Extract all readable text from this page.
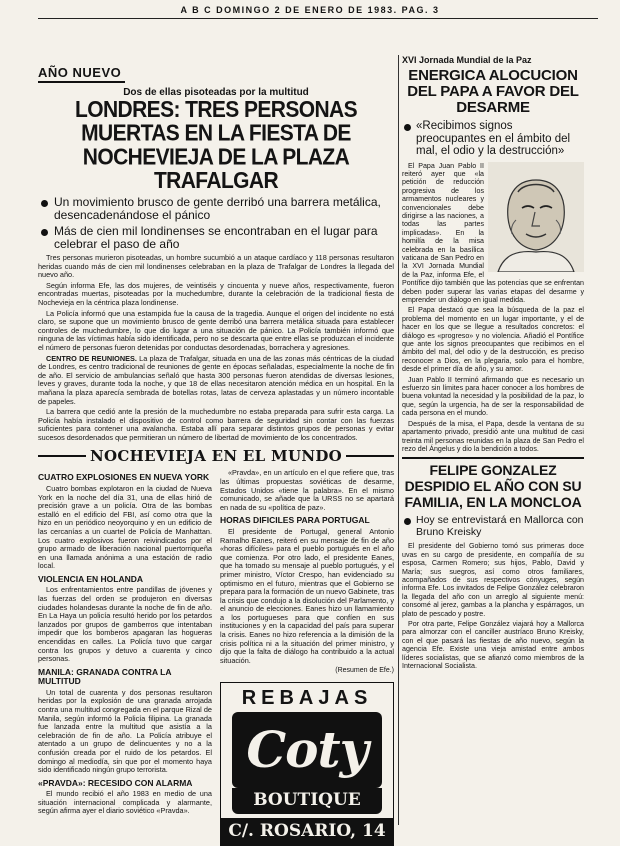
A B C DOMINGO 2 DE ENERO DE 1983. PAG. 3
AÑO NUEVO
Dos de ellas pisoteadas por la multitud
LONDRES: TRES PERSONAS MUERTAS EN LA FIESTA DE NOCHEVIEJA DE LA PLAZA TRAFALGAR
Un movimiento brusco de gente derribó una barrera metálica, desencadenándose el pánico
Más de cien mil londinenses se encontraban en el lugar para celebrar el paso de año

Tres personas murieron pisoteadas, un hombre sucumbió a un ataque cardíaco y 118 personas resultaron heridas cuando más de cien mil londinenses celebraban en la plaza de Trafalgar de Londres la llegada del nuevo año.

Según informa Efe, las dos mujeres, de veintiséis y cincuenta y nueve años, respectivamente, fueron encontradas muertas, pisoteadas por la muchedumbre, durante la celebración de la tradicional fiesta de Nochevieja en la céntrica plaza londinense.

La Policía informó que una estampida fue la causa de la tragedia. Aunque el origen del incidente no está claro, se supone que un movimiento brusco de gente derribó una barrera metálica situada para establecer controles de muchedumbre, lo que dio lugar a una situación de pánico. La Policía también informó que ninguna de las víctimas había sido identificada, pero no se descarta que entre ellas se produzcan el incidente el número de personas fueron detenidas por conductas desordenadas, borrachera y agresiones.

CENTRO DE REUNIONES. La plaza de Trafalgar, situada en una de las zonas más céntricas de la ciudad de Londres, es centro tradicional de reuniones de gente en épocas señaladas, especialmente la noche de fin de año. El servicio de ambulancias señaló que hasta 300 personas fueron atendidas de diversas lesiones, leves y graves, durante toda la noche, y que 18 de ellas necesitaron atención médica en un hospital. En la mañana la plaza aparecía sembrada de botellas rotas, latas de cerveza aplastadas y un número incontable de papeles.

La barrera que cedió ante la presión de la muchedumbre no estaba preparada para sufrir esta carga. La Policía había instalado el dispositivo de control como barrera de seguridad sin contar con las fuerzas suficientes para contener una avalancha. Estaba allí para separar distintos grupos de personas y evitar sucesos desordenados que permitieran un número de libertad de movimiento de los concentrados.

NOCHEVIEJA EN EL MUNDO
CUATRO EXPLOSIONES EN NUEVA YORK

Cuatro bombas explotaron en la ciudad de Nueva York en la noche del día 31, una de ellas hirió de precisión grave a un policía. Otra de las bombas estalló en el edificio del FBI, así como otra que la hizo en un periódico neoyorquino y en un edificio de las cercanías a un cuartel de Policía de Manhattan. Los cuatro explosivos fueron reivindicados por el grupo armado de liberación nacional puertorriqueña en una llamada anónima a una estación de radio local.

VIOLENCIA EN HOLANDA

Los enfrentamientos entre pandillas de jóvenes y las fuerzas del orden se produjeron en diversas ciudades holandesas durante la noche de fin de año. En La Haya un policía resultó herido por los petardos lanzados por grupos de gamberros que intentaban impedir que los bomberos apagaran las hogueras encendidas en calles. La Policía tuvo que cargar contra los grupos y detuvo a cuarenta y cinco personas.

MANILA: GRANADA CONTRA LA MULTITUD

Un total de cuarenta y dos personas resultaron heridas por la explosión de una granada arrojada contra una multitud congregada en el parque Rizal de Manila, según informó la Policía filipina. La granada fue lanzada entre la multitud que asistía a la celebración de fin de año. La Policía atribuye el atentado a un grupo de delincuentes y no a la confusión creada por el ruido de los petardos. El domingo al mediodía, sin que por el momento haya sido identificado ningún grupo terrorista.

«PRAVDA»: RECESIDO CON ALARMA

El mundo recibió el año 1983 en medio de una situación internacional complicada y alarmante, según afirma ayer el diario soviético «Pravda».

«Pravda», en un artículo en el que refiere que, tras las últimas propuestas soviéticas de desarme, Estados Unidos «tiene la palabra». En el mismo comunicado, se añade que la URSS no se apartará en nada de su «política de paz».

HORAS DIFICILES PARA PORTUGAL

El presidente de Portugal, general Antonio Ramalho Eanes, reiteró en su mensaje de fin de año «horas difíciles» para el pueblo portugués en el año que comienza. Por otro lado, el presidente Eanes, que ha tomado su mensaje al pueblo portugués, y el primer ministro, Víctor Crespo, han evidenciado su optimismo en el futuro, mientras que el Gobierno se prepara para la formación de un nuevo Gabinete, tras la crisis que condujo a la disolución del Parlamento, y el anuncio de elecciones. Eanes hizo un llamamiento a los portugueses para que confíen en sus instituciones y en la capacidad del país para superar la crisis. Eanes no hizo referencia a la dimisión de la crisis política ni a la situación del primer ministro, y dijo que la falta de diálogo ha contribuido a la actual situación.

(Resumen de Efe.)
REBAJAS
Coty
BOUTIQUE
C/. ROSARIO, 14
XVI Jornada Mundial de la Paz
ENERGICA ALOCUCION DEL PAPA A FAVOR DEL DESARME
«Recibimos signos preocupantes en el ámbito del mal, el odio y la destrucción»

El Papa Juan Pablo II reiteró ayer que «la petición de reducción progresiva de los armamentos nucleares y convencionales debe dirigirse a las naciones, a todas las partes implicadas». En la homilía de la misa celebrada en la basílica vaticana de San Pedro en la XVI Jornada Mundial de la Paz, informa Efe, el Pontífice dijo también que las potencias que se enfrentan deben poder superar las varias etapas del desarme y emprender un diálogo en igual medida.

El Papa destacó que sea la búsqueda de la paz el problema del momento en un lugar importante, y el de hacer en los que se llegue a resultados concretos: el diálogo es «progreso» y no violencia. Añadió el Pontífice que ante los signos preocupantes que recibimos en el ámbito del mal, del odio y de la destrucción, es preciso reconocer a Dios, en la plegaria, solo para el hombre, desde el primer día de año, y su amor.

Juan Pablo II terminó afirmando que es necesario un esfuerzo sin límites para hacer conocer a los hombres de buena voluntad la necesidad y la posibilidad de la paz, lo que, según la urgencia, ha de ser la responsabilidad de cada persona en el mundo.

Después de la misa, el Papa, desde la ventana de su apartamento privado, presidió ante una multitud de casi treinta mil personas reunidas en la plaza de San Pedro el rezo del Ángelus y dio la bendición a todos.

FELIPE GONZALEZ DESPIDIO EL AÑO CON SU FAMILIA, EN LA MONCLOA
Hoy se entrevistará en Mallorca con Bruno Kreisky

El presidente del Gobierno tomó sus primeras doce uvas en su cargo de presidente, en compañía de su esposa, Carmen Romero; sus hijos, Pablo, David y María; sus suegros, así como otros familiares, acompañados de sus respectivos cónyuges, según informa Efe. Los invitados de Felipe González celebraron la llegada del año con un arreglo al siguiente menú: consomé al jerez, gambas a la plancha y espárragos, un plato de pescado y postre.

Por otra parte, Felipe González viajará hoy a Mallorca para almorzar con el canciller austríaco Bruno Kreisky, con el que pasará las fiestas de año nuevo, según la agencia Efe. Existe una vieja amistad entre ambos líderes socialistas, que se afianzó como miembros de la Internacional Socialista.
